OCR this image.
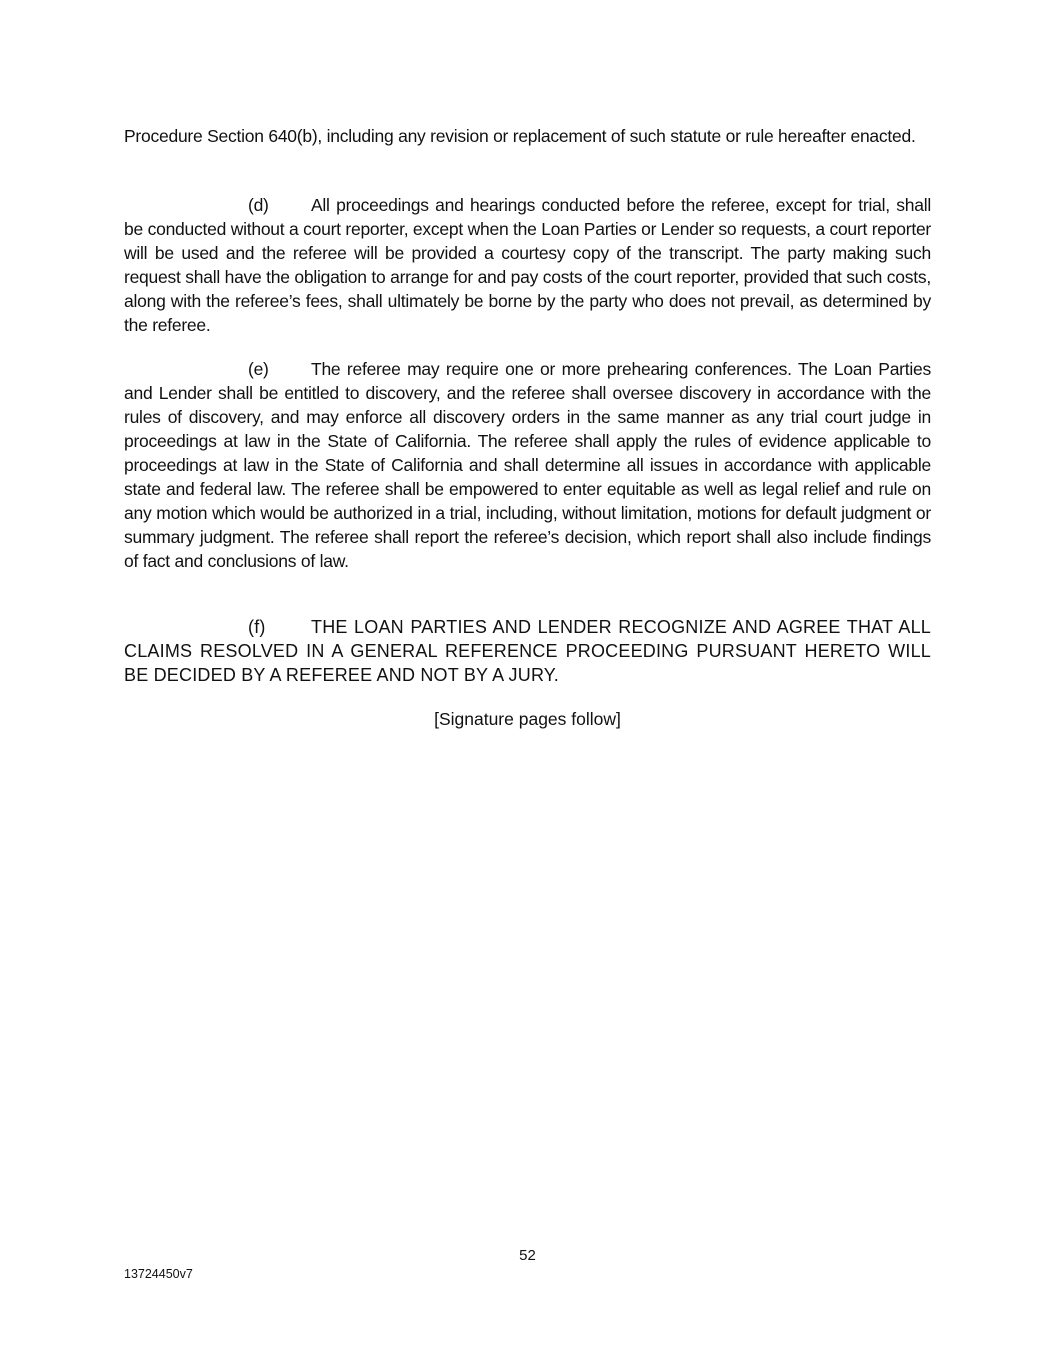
Procedure Section 640(b), including any revision or replacement of such statute or rule hereafter enacted.

(d) All proceedings and hearings conducted before the referee, except for trial, shall be conducted without a court reporter, except when the Loan Parties or Lender so requests, a court reporter will be used and the referee will be provided a courtesy copy of the transcript. The party making such request shall have the obligation to arrange for and pay costs of the court reporter, provided that such costs, along with the referee’s fees, shall ultimately be borne by the party who does not prevail, as determined by the referee.

(e) The referee may require one or more prehearing conferences. The Loan Parties and Lender shall be entitled to discovery, and the referee shall oversee discovery in accordance with the rules of discovery, and may enforce all discovery orders in the same manner as any trial court judge in proceedings at law in the State of California. The referee shall apply the rules of evidence applicable to proceedings at law in the State of California and shall determine all issues in accordance with applicable state and federal law. The referee shall be empowered to enter equitable as well as legal relief and rule on any motion which would be authorized in a trial, including, without limitation, motions for default judgment or summary judgment. The referee shall report the referee’s decision, which report shall also include findings of fact and conclusions of law.

(f)	THE LOAN PARTIES AND LENDER RECOGNIZE AND AGREE THAT ALL CLAIMS RESOLVED IN A GENERAL REFERENCE PROCEEDING PURSUANT HERETO WILL BE DECIDED BY A REFEREE AND NOT BY A JURY.

[Signature pages follow]
52
13724450v7
